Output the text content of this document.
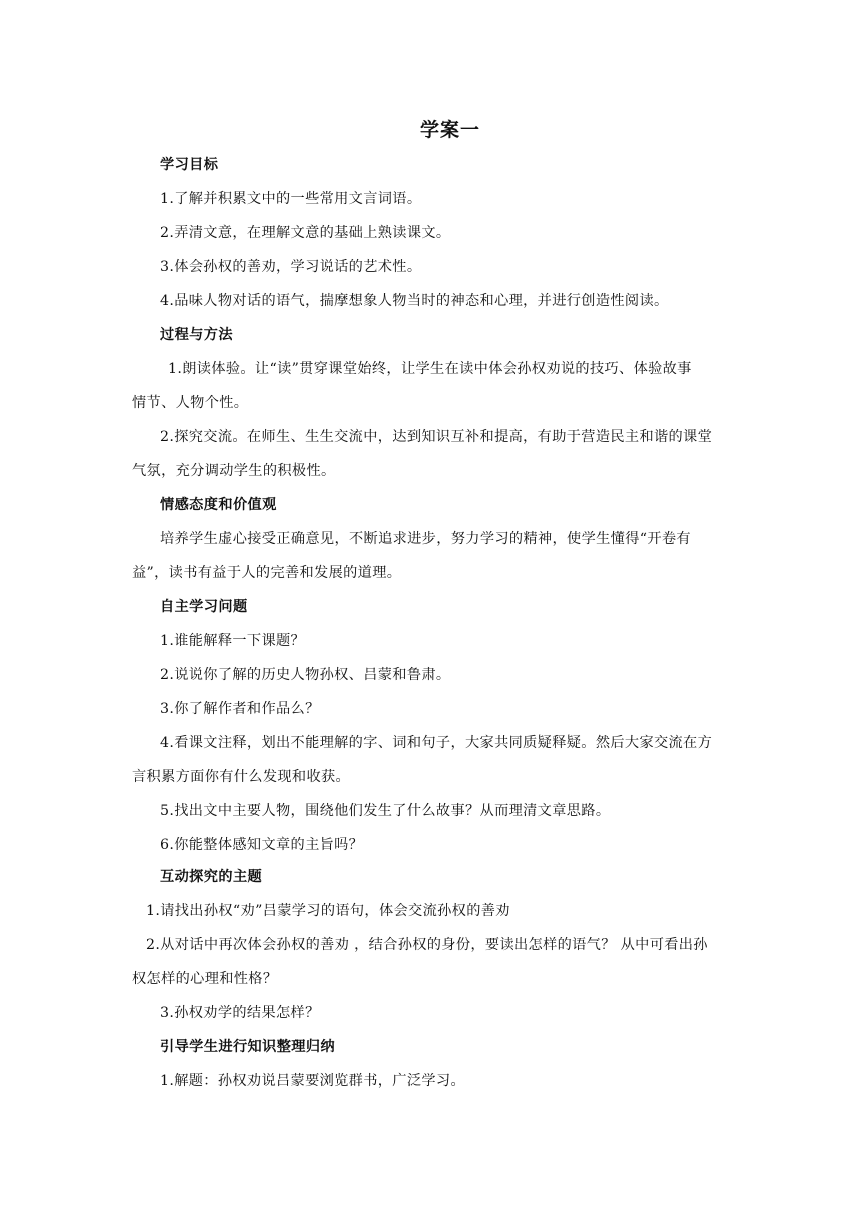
学案一
学习目标
1.了解并积累文中的一些常用文言词语。
2.弄清文意，在理解文意的基础上熟读课文。
3.体会孙权的善劝，学习说话的艺术性。
4.品味人物对话的语气，揣摩想象人物当时的神态和心理，并进行创造性阅读。
过程与方法
1.朗读体验。让“读”贯穿课堂始终，让学生在读中体会孙权劝说的技巧、体验故事
情节、人物个性。
2.探究交流。在师生、生生交流中，达到知识互补和提高，有助于营造民主和谐的课堂
气氛，充分调动学生的积极性。
情感态度和价值观
培养学生虚心接受正确意见，不断追求进步，努力学习的精神，使学生懂得“开卷有
益”，读书有益于人的完善和发展的道理。
自主学习问题
1.谁能解释一下课题？
2.说说你了解的历史人物孙权、吕蒙和鲁肃。
3.你了解作者和作品么？
4.看课文注释，划出不能理解的字、词和句子，大家共同质疑释疑。然后大家交流在方
言积累方面你有什么发现和收获。
5.找出文中主要人物，围绕他们发生了什么故事？从而理清文章思路。
6.你能整体感知文章的主旨吗？
互动探究的主题
1.请找出孙权“劝”吕蒙学习的语句，体会交流孙权的善劝
2.从对话中再次体会孙权的善劝 ，结合孙权的身份，要读出怎样的语气？ 从中可看出孙
权怎样的心理和性格？
3.孙权劝学的结果怎样？
引导学生进行知识整理归纳
1.解题：孙权劝说吕蒙要浏览群书，广泛学习。
